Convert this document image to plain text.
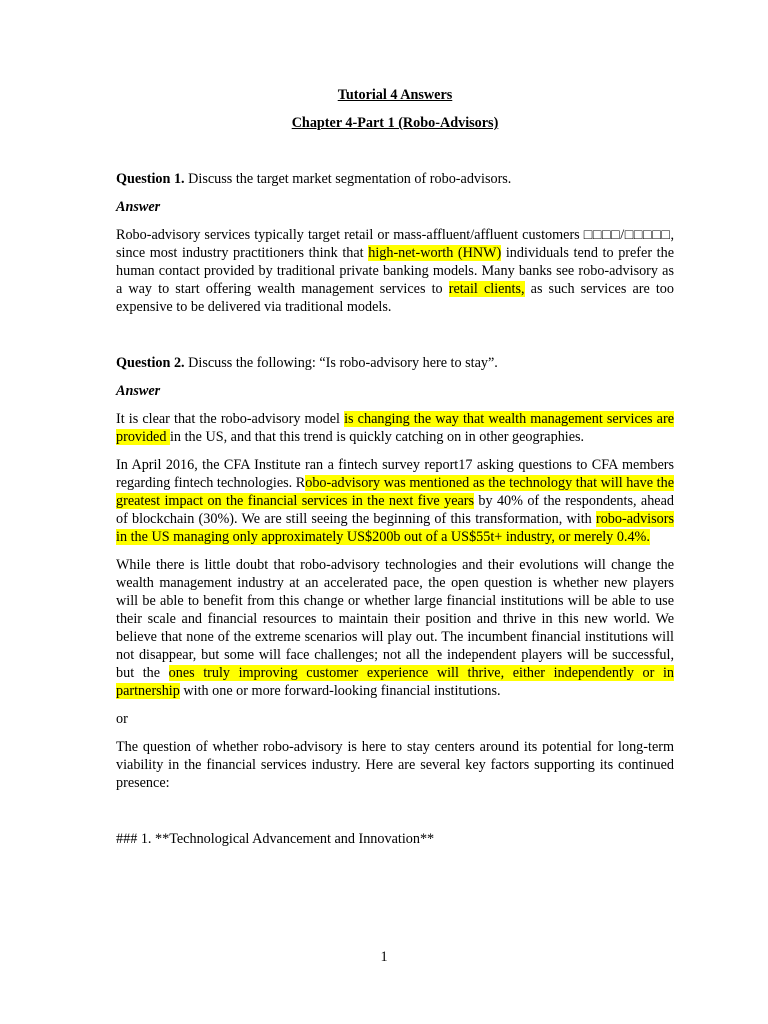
Tutorial 4 Answers

Chapter 4-Part 1 (Robo-Advisors)

Question 1. Discuss the target market segmentation of robo-advisors.

Answer

Robo-advisory services typically target retail or mass-affluent/affluent customers □□□□/□□□□□, since most industry practitioners think that high-net-worth (HNW) individuals tend to prefer the human contact provided by traditional private banking models. Many banks see robo-advisory as a way to start offering wealth management services to retail clients, as such services are too expensive to be delivered via traditional models.

Question 2. Discuss the following: “Is robo-advisory here to stay”.

Answer

It is clear that the robo-advisory model is changing the way that wealth management services are provided in the US, and that this trend is quickly catching on in other geographies.

In April 2016, the CFA Institute ran a fintech survey report17 asking questions to CFA members regarding fintech technologies. Robo-advisory was mentioned as the technology that will have the greatest impact on the financial services in the next five years by 40% of the respondents, ahead of blockchain (30%). We are still seeing the beginning of this transformation, with robo-advisors in the US managing only approximately US$200b out of a US$55t+ industry, or merely 0.4%.

While there is little doubt that robo-advisory technologies and their evolutions will change the wealth management industry at an accelerated pace, the open question is whether new players will be able to benefit from this change or whether large financial institutions will be able to use their scale and financial resources to maintain their position and thrive in this new world. We believe that none of the extreme scenarios will play out. The incumbent financial institutions will not disappear, but some will face challenges; not all the independent players will be successful, but the ones truly improving customer experience will thrive, either independently or in partnership with one or more forward-looking financial institutions.

or

The question of whether robo-advisory is here to stay centers around its potential for long-term viability in the financial services industry. Here are several key factors supporting its continued presence:

### 1. **Technological Advancement and Innovation**

1
